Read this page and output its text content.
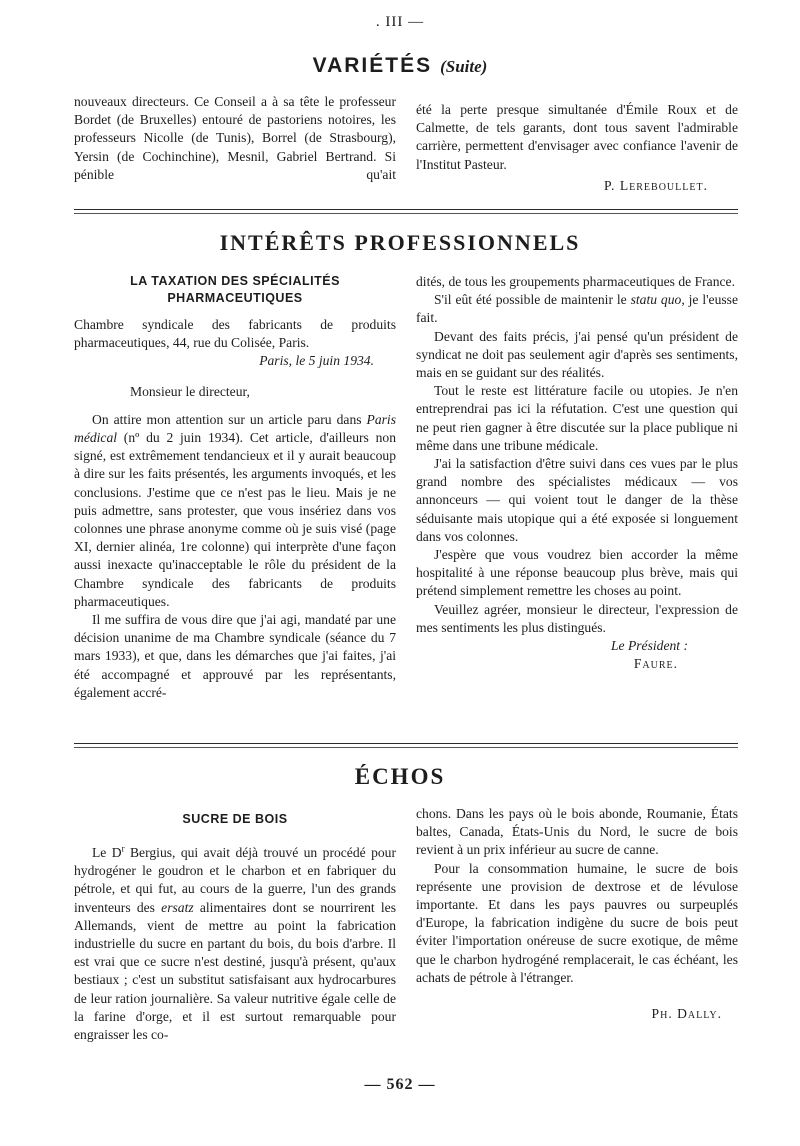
. III —
VARIÉTÉS (Suite)

nouveaux directeurs. Ce Conseil a à sa tête le professeur Bordet (de Bruxelles) entouré de pastoriens notoires, les professeurs Nicolle (de Tunis), Borrel (de Strasbourg), Yersin (de Cochinchine), Mesnil, Gabriel Bertrand. Si pénible qu'ait

été la perte presque simultanée d'Émile Roux et de Calmette, de tels garants, dont tous savent l'admirable carrière, permettent d'envisager avec confiance l'avenir de l'Institut Pasteur.

P. Lereboullet.

INTÉRÊTS PROFESSIONNELS
LA TAXATION DES SPÉCIALITÉS
PHARMACEUTIQUES

Chambre syndicale des fabricants de produits pharmaceutiques, 44, rue du Colisée, Paris.

Paris, le 5 juin 1934.

Monsieur le directeur,

On attire mon attention sur un article paru dans Paris médical (nº du 2 juin 1934). Cet article, d'ailleurs non signé, est extrêmement tendancieux et il y aurait beaucoup à dire sur les faits présentés, les arguments invoqués, et les conclusions. J'estime que ce n'est pas le lieu. Mais je ne puis admettre, sans protester, que vous insériez dans vos colonnes une phrase anonyme comme où je suis visé (page XI, dernier alinéa, 1re colonne) qui interprète d'une façon aussi inexacte qu'inacceptable le rôle du président de la Chambre syndicale des fabricants de produits pharmaceutiques.

Il me suffira de vous dire que j'ai agi, mandaté par une décision unanime de ma Chambre syndicale (séance du 7 mars 1933), et que, dans les démarches que j'ai faites, j'ai été accompagné et approuvé par les représentants, également accré-

dités, de tous les groupements pharmaceutiques de France.

S'il eût été possible de maintenir le statu quo, je l'eusse fait.

Devant des faits précis, j'ai pensé qu'un président de syndicat ne doit pas seulement agir d'après ses sentiments, mais en se guidant sur des réalités.

Tout le reste est littérature facile ou utopies. Je n'en entreprendrai pas ici la réfutation. C'est une question qui ne peut rien gagner à être discutée sur la place publique ni même dans une tribune médicale.

J'ai la satisfaction d'être suivi dans ces vues par le plus grand nombre des spécialistes médicaux — vos annonceurs — qui voient tout le danger de la thèse séduisante mais utopique qui a été exposée si longuement dans vos colonnes.

J'espère que vous voudrez bien accorder la même hospitalité à une réponse beaucoup plus brève, mais qui prétend simplement remettre les choses au point.

Veuillez agréer, monsieur le directeur, l'expression de mes sentiments les plus distingués.

Le Président :

Faure.

ÉCHOS
SUCRE DE BOIS

Le $D^r$ Bergius, qui avait déjà trouvé un procédé pour hydrogéner le goudron et le charbon et en fabriquer du pétrole, et qui fut, au cours de la guerre, l'un des grands inventeurs des ersatz alimentaires dont se nourrirent les Allemands, vient de mettre au point la fabrication industrielle du sucre en partant du bois, du bois d'arbre. Il est vrai que ce sucre n'est destiné, jusqu'à présent, qu'aux bestiaux ; c'est un substitut satisfaisant aux hydrocarbures de leur ration journalière. Sa valeur nutritive égale celle de la farine d'orge, et il est surtout remarquable pour engraisser les co-

chons. Dans les pays où le bois abonde, Roumanie, États baltes, Canada, États-Unis du Nord, le sucre de bois revient à un prix inférieur au sucre de canne.

Pour la consommation humaine, le sucre de bois représente une provision de dextrose et de lévulose importante. Et dans les pays pauvres ou surpeuplés d'Europe, la fabrication indigène du sucre de bois peut éviter l'importation onéreuse de sucre exotique, de même que le charbon hydrogéné remplacerait, le cas échéant, les achats de pétrole à l'étranger.

Ph. Dally.

— 562 —
